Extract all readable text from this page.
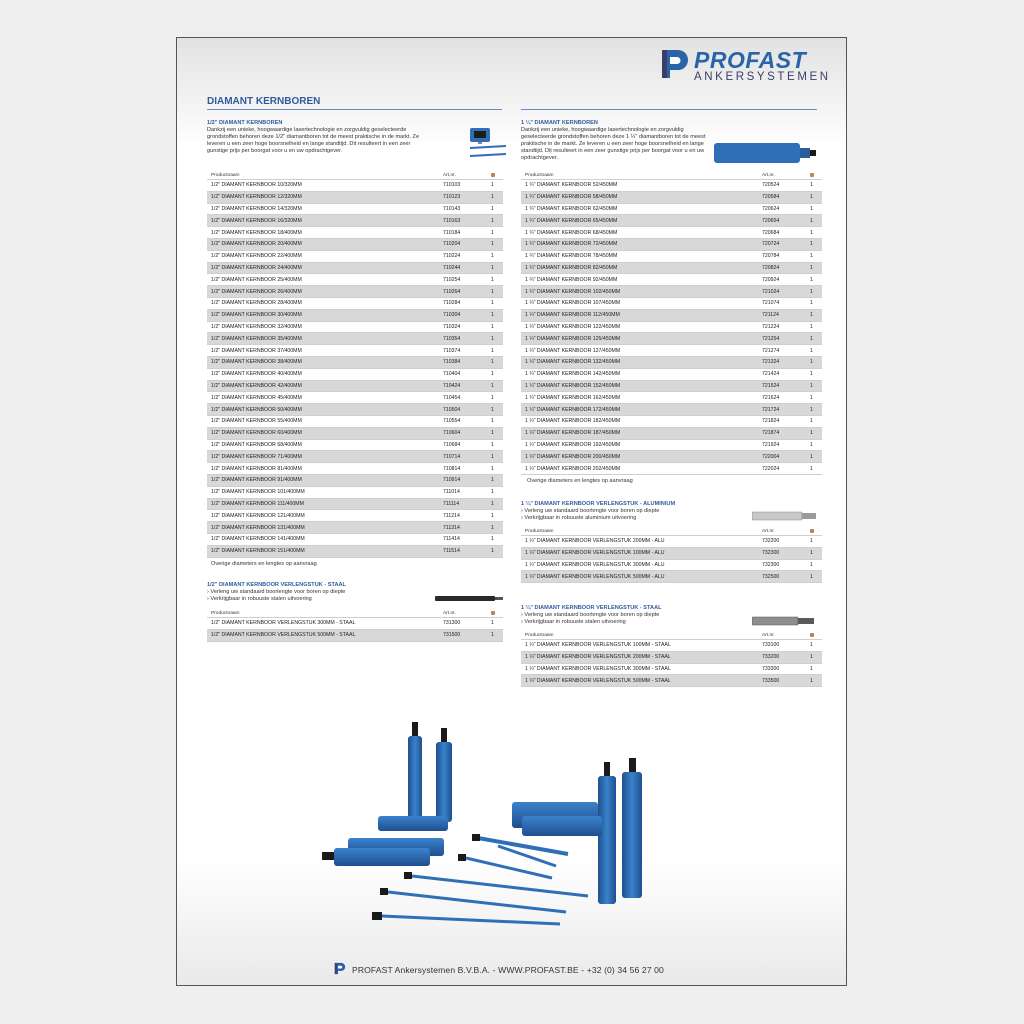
PROFAST
ANKERSYSTEMEN
DIAMANT KERNBOREN
1/2" DIAMANT KERNBOREN
Dankzij een unieke, hoogwaardige lasertechnologie en zorgvuldig geselecteerde grondstoffen behoren deze 1/2" diamantboren tot de meest praktische in de markt. Ze leveren u een zeer hoge boorsnelheid en lange standtijd. Dit resulteert in een zeer gunstige prijs per boorgat voor u en uw opdrachtgever.
Productnaam	Art.nr.	
1/2" DIAMANT KERNBOOR 10/320MM	710103	1
1/2" DIAMANT KERNBOOR 12/320MM	710123	1
1/2" DIAMANT KERNBOOR 14/320MM	710143	1
1/2" DIAMANT KERNBOOR 16/320MM	710163	1
1/2" DIAMANT KERNBOOR 18/400MM	710184	1
1/2" DIAMANT KERNBOOR 20/400MM	710204	1
1/2" DIAMANT KERNBOOR 22/400MM	710224	1
1/2" DIAMANT KERNBOOR 24/400MM	710244	1
1/2" DIAMANT KERNBOOR 25/400MM	710254	1
1/2" DIAMANT KERNBOOR 26/400MM	710264	1
1/2" DIAMANT KERNBOOR 28/400MM	710284	1
1/2" DIAMANT KERNBOOR 30/400MM	710304	1
1/2" DIAMANT KERNBOOR 32/400MM	710324	1
1/2" DIAMANT KERNBOOR 35/400MM	710354	1
1/2" DIAMANT KERNBOOR 37/400MM	710374	1
1/2" DIAMANT KERNBOOR 38/400MM	710384	1
1/2" DIAMANT KERNBOOR 40/400MM	710404	1
1/2" DIAMANT KERNBOOR 42/400MM	710424	1
1/2" DIAMANT KERNBOOR 45/400MM	710454	1
1/2" DIAMANT KERNBOOR 50/400MM	710504	1
1/2" DIAMANT KERNBOOR 55/400MM	710554	1
1/2" DIAMANT KERNBOOR 60/400MM	710604	1
1/2" DIAMANT KERNBOOR 68/400MM	710684	1
1/2" DIAMANT KERNBOOR 71/400MM	710714	1
1/2" DIAMANT KERNBOOR 81/400MM	710814	1
1/2" DIAMANT KERNBOOR 91/400MM	710914	1
1/2" DIAMANT KERNBOOR 101/400MM	711014	1
1/2" DIAMANT KERNBOOR 111/400MM	711114	1
1/2" DIAMANT KERNBOOR 121/400MM	711214	1
1/2" DIAMANT KERNBOOR 131/400MM	711314	1
1/2" DIAMANT KERNBOOR 141/400MM	711414	1
1/2" DIAMANT KERNBOOR 151/400MM	711514	1
Overige diameters en lengtes op aanvraag
1/2" DIAMANT KERNBOOR VERLENGSTUK - STAAL
› Verleng uw standaard boorlengte voor boren op diepte
› Verkrijgbaar in robuuste stalen uitvoering
Productnaam	Art.nr.	
1/2" DIAMANT KERNBOOR VERLENGSTUK 300MM - STAAL	731300	1
1/2" DIAMANT KERNBOOR VERLENGSTUK 500MM - STAAL	731500	1
1 ¼" DIAMANT KERNBOREN
Dankzij een unieke, hoogwaardige lasertechnologie en zorgvuldig geselecteerde grondstoffen behoren deze 1 ¼" diamantboren tot de meest praktische in de markt. Ze leveren u een zeer hoge boorsnelheid en lange standtijd. Dit resulteert in een zeer gunstige prijs per boorgat voor u en uw opdrachtgever.
Productnaam	Art.nr.	
1 ¼" DIAMANT KERNBOOR 52/450MM	720524	1
1 ¼" DIAMANT KERNBOOR 58/450MM	720584	1
1 ¼" DIAMANT KERNBOOR 62/450MM	720624	1
1 ¼" DIAMANT KERNBOOR 65/450MM	720654	1
1 ¼" DIAMANT KERNBOOR 68/450MM	720684	1
1 ¼" DIAMANT KERNBOOR 72/450MM	720724	1
1 ¼" DIAMANT KERNBOOR 78/450MM	720784	1
1 ¼" DIAMANT KERNBOOR 82/450MM	720824	1
1 ¼" DIAMANT KERNBOOR 92/450MM	720924	1
1 ¼" DIAMANT KERNBOOR 102/450MM	721024	1
1 ¼" DIAMANT KERNBOOR 107/450MM	721074	1
1 ¼" DIAMANT KERNBOOR 112/450MM	721124	1
1 ¼" DIAMANT KERNBOOR 122/450MM	721224	1
1 ¼" DIAMANT KERNBOOR 125/450MM	721254	1
1 ¼" DIAMANT KERNBOOR 127/450MM	721274	1
1 ¼" DIAMANT KERNBOOR 132/450MM	721324	1
1 ¼" DIAMANT KERNBOOR 142/450MM	721424	1
1 ¼" DIAMANT KERNBOOR 152/450MM	721524	1
1 ¼" DIAMANT KERNBOOR 162/450MM	721624	1
1 ¼" DIAMANT KERNBOOR 172/450MM	721724	1
1 ¼" DIAMANT KERNBOOR 182/450MM	721824	1
1 ¼" DIAMANT KERNBOOR 187/450MM	721874	1
1 ¼" DIAMANT KERNBOOR 192/450MM	721924	1
1 ¼" DIAMANT KERNBOOR 200/450MM	722004	1
1 ¼" DIAMANT KERNBOOR 202/450MM	722024	1
Overige diameters en lengtes op aanvraag
1 ¼" DIAMANT KERNBOOR VERLENGSTUK - ALUMINIUM
› Verleng uw standaard boorlengte voor boren op diepte
› Verkrijgbaar in robuuste aluminium uitvoering
Productnaam	Art.nr.	
1 ¼" DIAMANT KERNBOOR VERLENGSTUK 200MM - ALU	732200	1
1 ¼" DIAMANT KERNBOOR VERLENGSTUK 100MM - ALU	732300	1
1 ¼" DIAMANT KERNBOOR VERLENGSTUK 300MM - ALU	732300	1
1 ¼" DIAMANT KERNBOOR VERLENGSTUK 500MM - ALU	732500	1
1 ¼" DIAMANT KERNBOOR VERLENGSTUK - STAAL
› Verleng uw standaard boorlengte voor boren op diepte
› Verkrijgbaar in robuuste stalen uitvoering
Productnaam	Art.nr.	
1 ¼" DIAMANT KERNBOOR VERLENGSTUK 100MM - STAAL	733100	1
1 ¼" DIAMANT KERNBOOR VERLENGSTUK 200MM - STAAL	733200	1
1 ¼" DIAMANT KERNBOOR VERLENGSTUK 300MM - STAAL	733300	1
1 ¼" DIAMANT KERNBOOR VERLENGSTUK 500MM - STAAL	733500	1
PROFAST Ankersystemen B.V.B.A. - WWW.PROFAST.BE - +32 (0) 34 56 27 00
